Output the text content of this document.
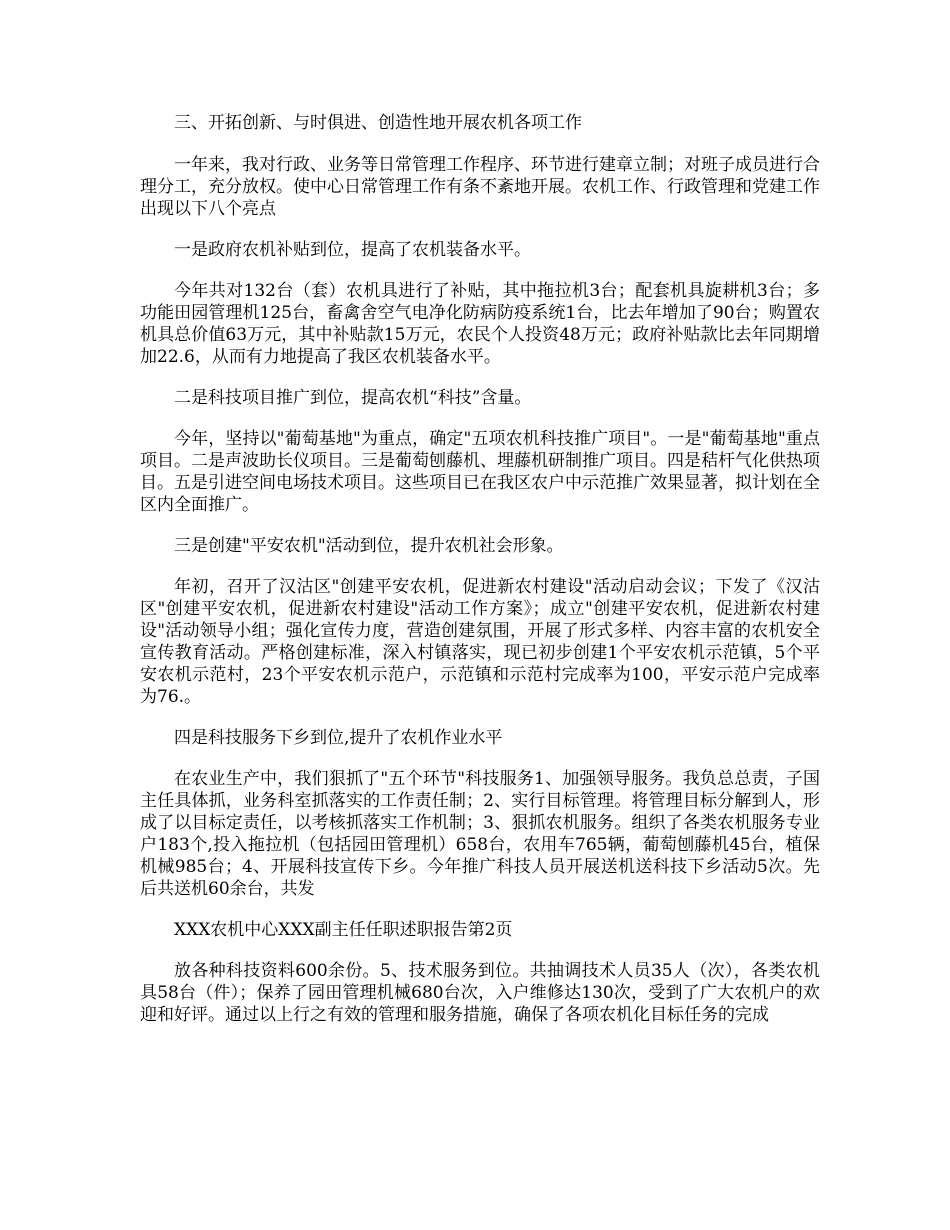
三、开拓创新、与时俱进、创造性地开展农机各项工作

一年来，我对行政、业务等日常管理工作程序、环节进行建章立制；对班子成员进行合理分工，充分放权。使中心日常管理工作有条不紊地开展。农机工作、行政管理和党建工作出现以下八个亮点

一是政府农机补贴到位，提高了农机装备水平。

今年共对132台（套）农机具进行了补贴，其中拖拉机3台；配套机具旋耕机3台；多功能田园管理机125台，畜禽舍空气电净化防病防疫系统1台，比去年增加了90台；购置农机具总价值63万元，其中补贴款15万元，农民个人投资48万元；政府补贴款比去年同期增加22.6，从而有力地提高了我区农机装备水平。

二是科技项目推广到位，提高农机“科技”含量。

今年，坚持以"葡萄基地"为重点，确定"五项农机科技推广项目"。一是"葡萄基地"重点项目。二是声波助长仪项目。三是葡萄刨藤机、埋藤机研制推广项目。四是秸杆气化供热项目。五是引进空间电场技术项目。这些项目已在我区农户中示范推广效果显著，拟计划在全区内全面推广。

三是创建"平安农机"活动到位，提升农机社会形象。

年初，召开了汉沽区"创建平安农机，促进新农村建设"活动启动会议；下发了《汉沽区"创建平安农机，促进新农村建设"活动工作方案》；成立"创建平安农机，促进新农村建设"活动领导小组；强化宣传力度，营造创建氛围，开展了形式多样、内容丰富的农机安全宣传教育活动。严格创建标准，深入村镇落实，现已初步创建1个平安农机示范镇，5个平安农机示范村，23个平安农机示范户，示范镇和示范村完成率为100，平安示范户完成率为76.。

四是科技服务下乡到位,提升了农机作业水平

在农业生产中，我们狠抓了"五个环节"科技服务1、加强领导服务。我负总总责，子国主任具体抓，业务科室抓落实的工作责任制；2、实行目标管理。将管理目标分解到人，形成了以目标定责任，以考核抓落实工作机制；3、狠抓农机服务。组织了各类农机服务专业户183个,投入拖拉机（包括园田管理机）658台，农用车765辆，葡萄刨藤机45台，植保机械985台；4、开展科技宣传下乡。今年推广科技人员开展送机送科技下乡活动5次。先后共送机60余台，共发

XXX农机中心XXX副主任任职述职报告第2页

放各种科技资料600余份。5、技术服务到位。共抽调技术人员35人（次），各类农机具58台（件）；保养了园田管理机械680台次，入户维修达130次，受到了广大农机户的欢迎和好评。通过以上行之有效的管理和服务措施，确保了各项农机化目标任务的完成
